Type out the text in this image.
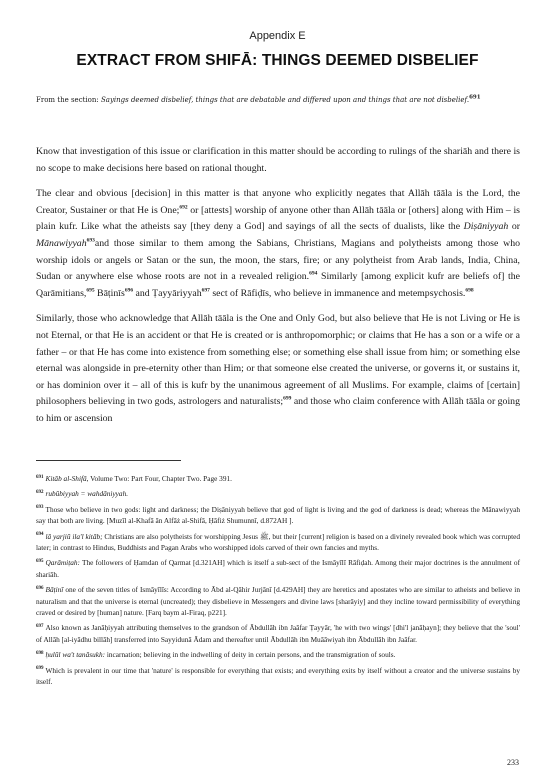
Appendix E
EXTRACT FROM SHIFĀ: THINGS DEEMED DISBELIEF
From the section: Sayings deemed disbelief, things that are debatable and differed upon and things that are not disbelief.$^{691}$

Know that investigation of this issue or clarification in this matter should be according to rulings of the shariāh and there is no scope to make decisions here based on rational thought.

The clear and obvious [decision] in this matter is that anyone who explicitly negates that Allāh tāāla is the Lord, the Creator, Sustainer or that He is One;$^{692}$ or [attests] worship of anyone other than Allāh tāāla or [others] along with Him – is plain kufr. Like what the atheists say [they deny a God] and sayings of all the sects of dualists, like the Diṣāniyyah or Mānawiyyah$^{693}$and those similar to them among the Sabians, Christians, Magians and polytheists among those who worship idols or angels or Satan or the sun, the moon, the stars, fire; or any polytheist from Arab lands, India, China, Sudan or anywhere else whose roots are not in a revealed religion.$^{694}$ Similarly [among explicit kufr are beliefs of] the Qarāmitians,$^{695}$ Bāṭinīs$^{696}$ and Ṭayyāriyyah$^{697}$ sect of Rāfiḍīs, who believe in immanence and metempsychosis.$^{698}$

Similarly, those who acknowledge that Allāh tāāla is the One and Only God, but also believe that He is not Living or He is not Eternal, or that He is an accident or that He is created or is anthropomorphic; or claims that He has a son or a wife or a father – or that He has come into existence from something else; or something else shall issue from him; or something else eternal was alongside in pre-eternity other than Him; or that someone else created the universe, or governs it, or sustains it, or has dominion over it – all of this is kufr by the unanimous agreement of all Muslims. For example, claims of [certain] philosophers believing in two gods, astrologers and naturalists;$^{699}$ and those who claim conference with Allāh tāāla or going to him or ascension

$^{691}$ Kitāb al-Shifā, Volume Two: Part Four, Chapter Two. Page 391.
$^{692}$ rubūbiyyah = wahdāniyyah.
$^{693}$ Those who believe in two gods: light and darkness; the Diṣāniyyah believe that god of light is living and the god of darkness is dead; whereas the Mānawiyyah say that both are living. [Muzīl al-Khafā ān Alfāż al-Shifā, Ḥāfiż Shumunnī, d.872AH ].
$^{694}$ lā yarjiū ila'l kitāb; Christians are also polytheists for worshipping Jesus ﷺ, but their [current] religion is based on a divinely revealed book which was corrupted later; in contrast to Hindus, Buddhists and Pagan Arabs who worshipped idols carved of their own fancies and myths.
$^{695}$ Qarāmiṭah: The followers of Ḥamdan of Qarmat [d.321AH] which is itself a sub-sect of the Ismāyīlī Rāfiḍah. Among their major doctrines is the annulment of shariāh.
$^{696}$ Bāṭinī one of the seven titles of Ismāyīlīs: According to Ābd al-Qāhir Jurjānī [d.429AH] they are heretics and apostates who are similar to atheists and believe in naturalism and that the universe is eternal (uncreated); they disbelieve in Messengers and divine laws [sharāyiy] and they incline toward permissibility of everything craved or desired by [human] nature. [Farq baym al-Firaq, p221].
$^{697}$ Also known as Janāḥiyyah attributing themselves to the grandson of Ābdullāh ibn Jaāfar Ṭayyār, 'he with two wings' [dhi'l janāḥayn]; they believe that the 'soul' of Allāh [al-iyādhu billāh] transferred into Sayyidunā Ādam and thereafter until Ābdullāh ibn Muāāwiyah ibn Ābdullāh ibn Jaāfar.
$^{698}$ ḥulūl wa't tanāsukh: incarnation; believing in the indwelling of deity in certain persons, and the transmigration of souls.
$^{699}$ Which is prevalent in our time that 'nature' is responsible for everything that exists; and everything exits by itself without a creator and the universe sustains by itself.
233
